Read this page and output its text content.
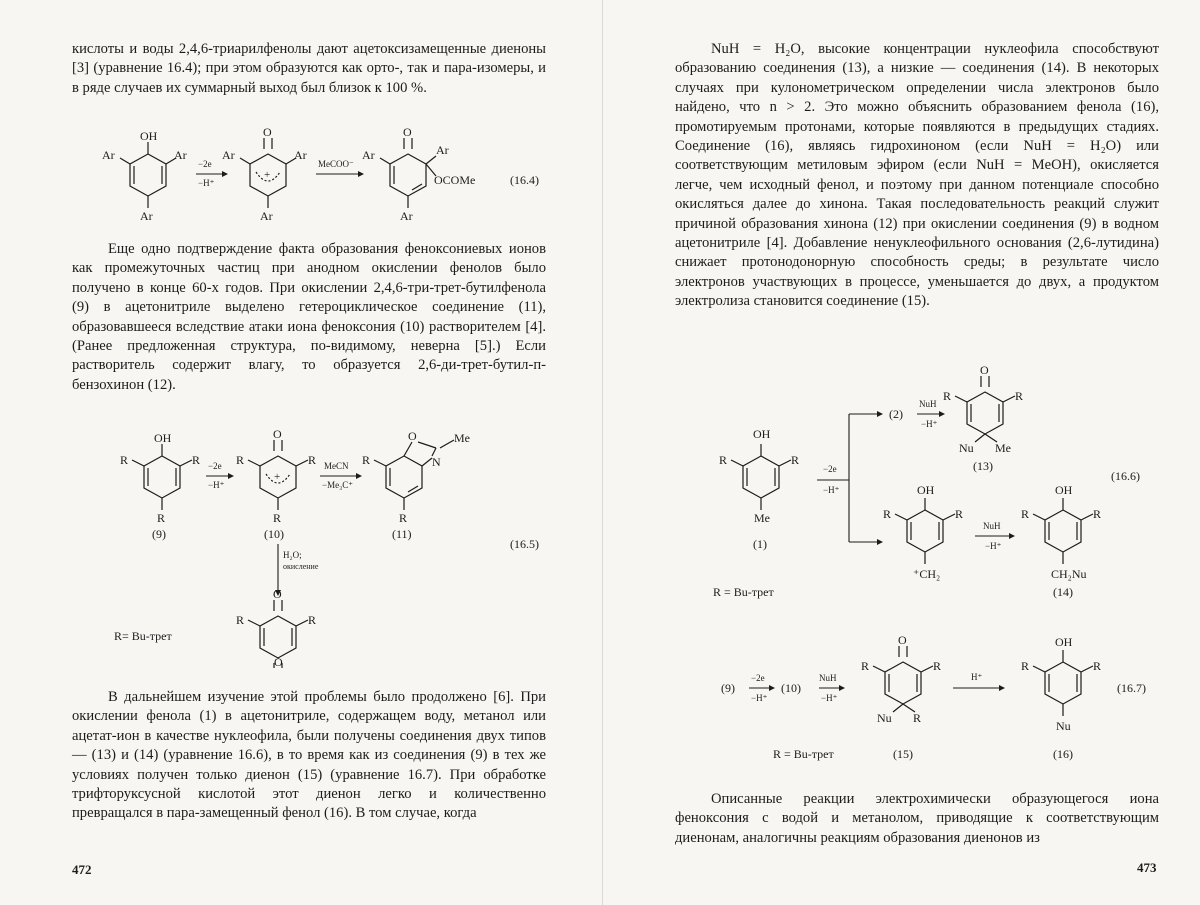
кислоты и воды 2,4,6-триарилфенолы дают ацетоксизамещенные диеноны [3] (уравнение 16.4); при этом образуются как орто-, так и пара-изомеры, и в ряде случаев их суммарный выход был близок к 100 %.

OH
Ar	Ar
Ar
−2e
−H⁺
+
O
Ar	Ar
Ar
MeCOO⁻
O
Ar	Ar
OCOMe
Ar
(16.4)

Еще одно подтверждение факта образования феноксониевых ионов как промежуточных частиц при анодном окислении фенолов было получено в конце 60-х годов. При окислении 2,4,6-три-трет-бутилфенола (9) в ацетонитриле выделено гетероциклическое соединение (11), образовавшееся вследствие атаки иона феноксония (10) растворителем [4]. (Ранее предложенная структура, по-видимому, неверна [5].) Если растворитель содержит влагу, то образуется 2,6-ди-трет-бутил-п-бензохинон (12).

OH
R	R
R
(9)
−2e
−H⁺
+
O
R	R
R
(10)
MeCN
−Me₃C⁺
O	Me
N
R
R
(11)
(16.5)
H₂O;
окисление
O
R	R
R= Bu-трет
O

В дальнейшем изучение этой проблемы было продолжено [6]. При окислении фенола (1) в ацетонитриле, содержащем воду, метанол или ацетат-ион в качестве нуклеофила, были получены соединения двух типов — (13) и (14) (уравнение 16.6), в то время как из соединения (9) в тех же условиях получен только диенон (15) (уравнение 16.7). При обработке трифторуксусной кислотой этот диенон легко и количественно превращался в пара-замещенный фенол (16). В том случае, когда

472

NuH = H₂O, высокие концентрации нуклеофила способствуют образованию соединения (13), а низкие — соединения (14). В некоторых случаях при кулонометрическом определении числа электронов было найдено, что n > 2. Это можно объяснить образованием фенола (16), промотируемым протонами, которые появляются в предыдущих стадиях. Соединение (16), являясь гидрохиноном (если NuH = H₂O) или соответствующим метиловым эфиром (если NuH = MeOH), окисляется легче, чем исходный фенол, и поэтому при данном потенциале способно окисляться далее до хинона. Такая последовательность реакций служит причиной образования хинона (12) при окислении соединения (9) в водном ацетонитриле [4]. Добавление ненуклеофильного основания (2,6-лутидина) снижает протонодонорную способность среды; в результате число электронов участвующих в процессе, уменьшается до двух, а продуктом электролиза становится соединение (15).

OH
R	R
Me
(1)
−2e
−H⁺
(2)
NuH
−H⁺
O
R	R
Nu Me
(13)
(16.6)
OH
R	R
⁺CH₂
NuH
−H⁺
OH
R	R
CH₂Nu
(14)
R = Bu-трет
(9)
−2e
−H⁺
(10)
NuH
−H⁺
O
R	R
Nu R
(15)
H⁺
OH
R	R
Nu
(16)
(16.7)
R = Bu-трет

Описанные реакции электрохимически образующегося иона феноксония с водой и метанолом, приводящие к соответствующим диенонам, аналогичны реакциям образования диенонов из

473
